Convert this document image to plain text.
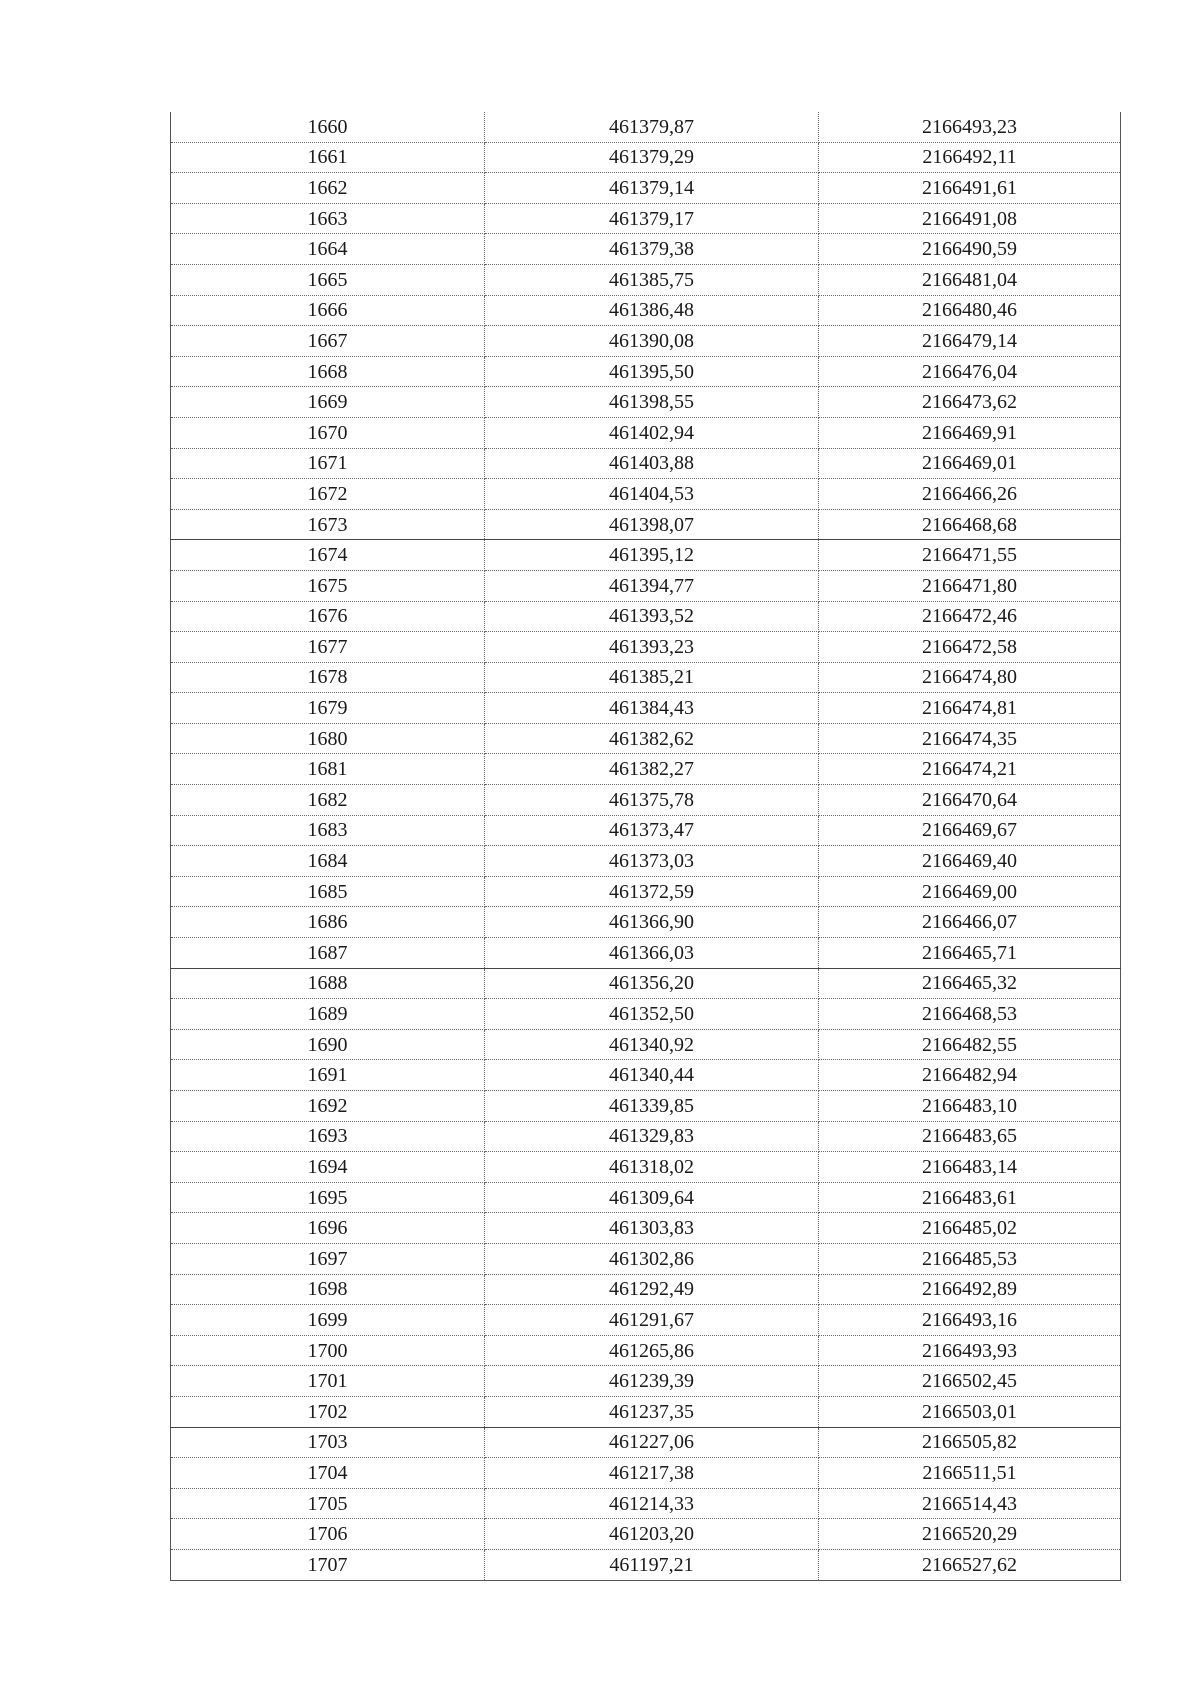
1660	461379,87	2166493,23
1661	461379,29	2166492,11
1662	461379,14	2166491,61
1663	461379,17	2166491,08
1664	461379,38	2166490,59
1665	461385,75	2166481,04
1666	461386,48	2166480,46
1667	461390,08	2166479,14
1668	461395,50	2166476,04
1669	461398,55	2166473,62
1670	461402,94	2166469,91
1671	461403,88	2166469,01
1672	461404,53	2166466,26
1673	461398,07	2166468,68
1674	461395,12	2166471,55
1675	461394,77	2166471,80
1676	461393,52	2166472,46
1677	461393,23	2166472,58
1678	461385,21	2166474,80
1679	461384,43	2166474,81
1680	461382,62	2166474,35
1681	461382,27	2166474,21
1682	461375,78	2166470,64
1683	461373,47	2166469,67
1684	461373,03	2166469,40
1685	461372,59	2166469,00
1686	461366,90	2166466,07
1687	461366,03	2166465,71
1688	461356,20	2166465,32
1689	461352,50	2166468,53
1690	461340,92	2166482,55
1691	461340,44	2166482,94
1692	461339,85	2166483,10
1693	461329,83	2166483,65
1694	461318,02	2166483,14
1695	461309,64	2166483,61
1696	461303,83	2166485,02
1697	461302,86	2166485,53
1698	461292,49	2166492,89
1699	461291,67	2166493,16
1700	461265,86	2166493,93
1701	461239,39	2166502,45
1702	461237,35	2166503,01
1703	461227,06	2166505,82
1704	461217,38	2166511,51
1705	461214,33	2166514,43
1706	461203,20	2166520,29
1707	461197,21	2166527,62
